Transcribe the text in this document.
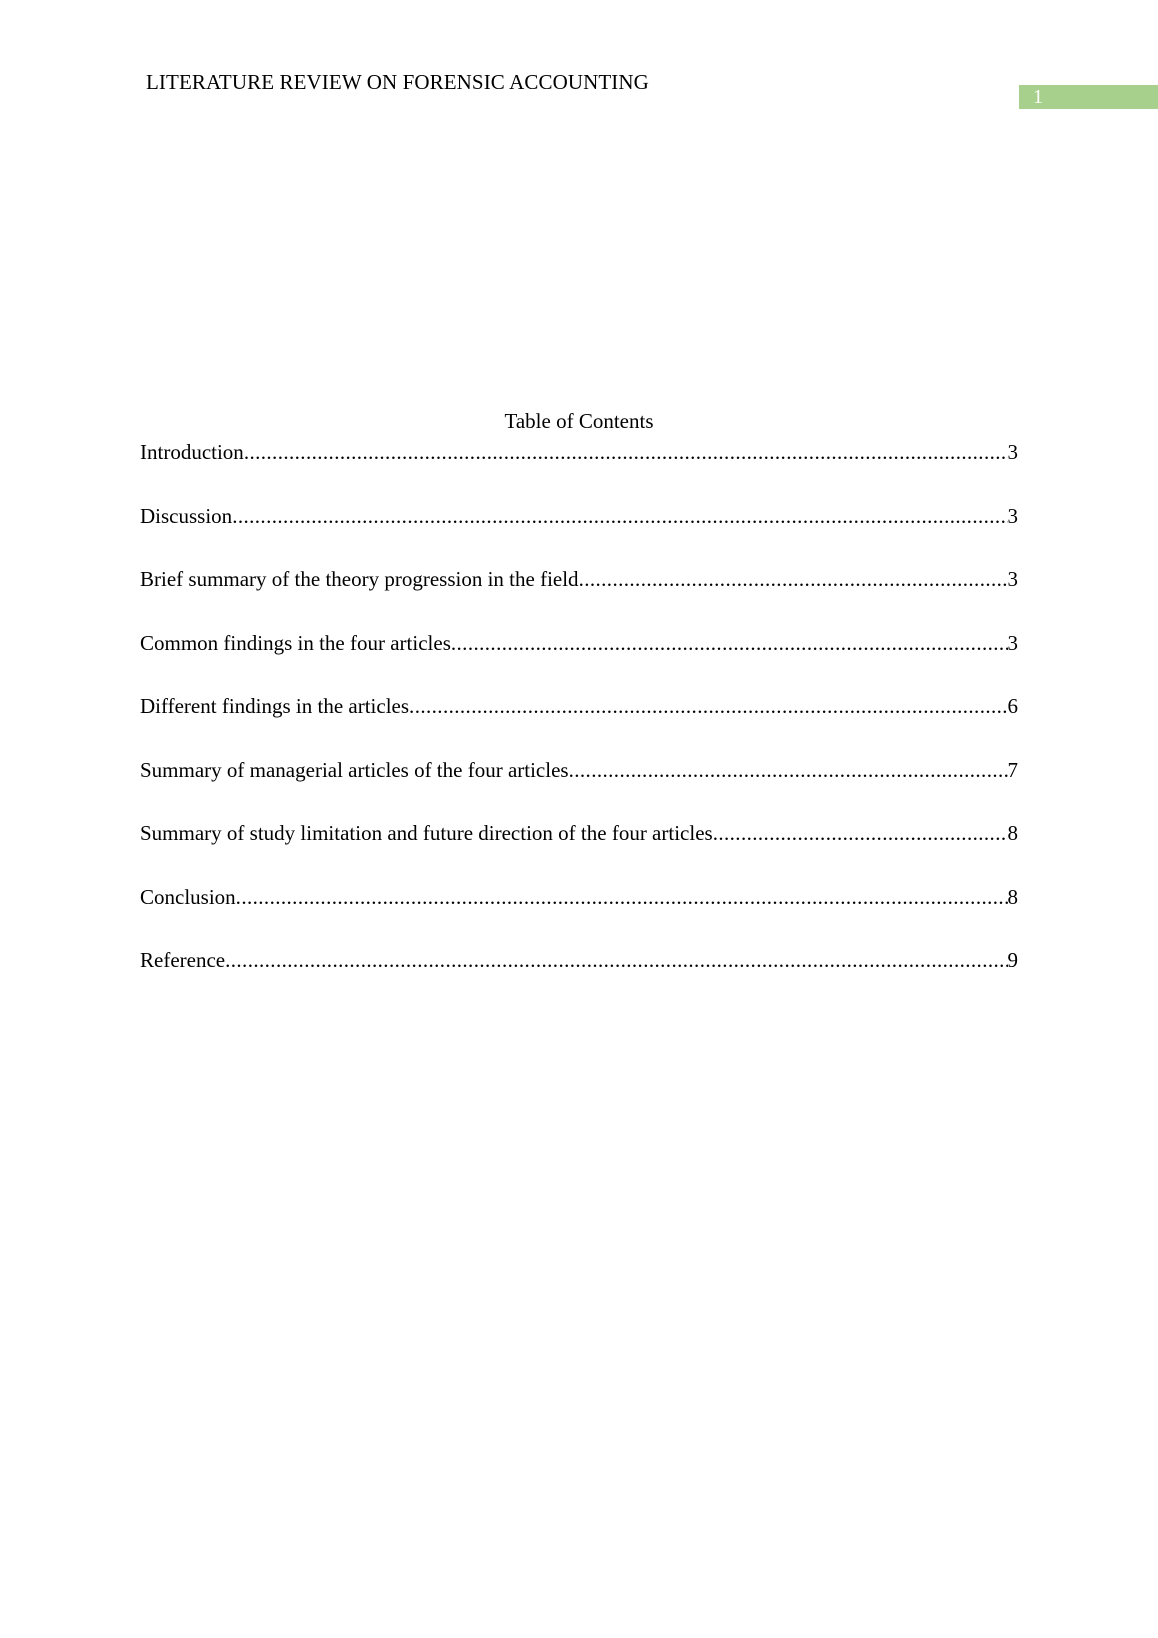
LITERATURE REVIEW ON FORENSIC ACCOUNTING
1
Table of Contents
Introduction .....	3
Discussion .....	3
Brief summary of the theory progression in the field .....	3
Common findings in the four articles .....	3
Different findings in the articles .....	6
Summary of managerial articles of the four articles .....	7
Summary of study limitation and future direction of the four articles .....	8
Conclusion .....	8
Reference .....	9
